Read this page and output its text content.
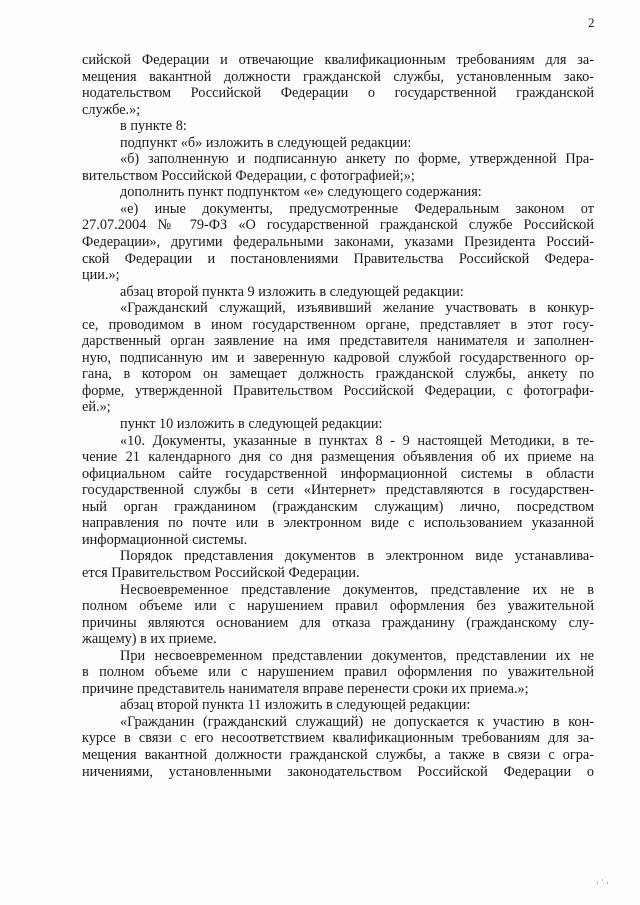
2
сийской Федерации и отвечающие квалификационным требованиям для за-
мещения вакантной должности гражданской службы, установленным зако-
нодательством Российской Федерации о государственной гражданской
службе.»;
в пункте 8:
подпункт «б» изложить в следующей редакции:
«б) заполненную и подписанную анкету по форме, утвержденной Пра-
вительством Российской Федерации, с фотографией;»;
дополнить пункт подпунктом «е» следующего содержания:
«е) иные документы, предусмотренные Федеральным законом от
27.07.2004 № 79-ФЗ «О государственной гражданской службе Российской
Федерации», другими федеральными законами, указами Президента Россий-
ской Федерации и постановлениями Правительства Российской Федера-
ции.»;
абзац второй пункта 9 изложить в следующей редакции:
«Гражданский служащий, изъявивший желание участвовать в конкур-
се, проводимом в ином государственном органе, представляет в этот госу-
дарственный орган заявление на имя представителя нанимателя и заполнен-
ную, подписанную им и заверенную кадровой службой государственного ор-
гана, в котором он замещает должность гражданской службы, анкету по
форме, утвержденной Правительством Российской Федерации, с фотографи-
ей.»;
пункт 10 изложить в следующей редакции:
«10. Документы, указанные в пунктах 8 - 9 настоящей Методики, в те-
чение 21 календарного дня со дня размещения объявления об их приеме на
официальном сайте государственной информационной системы в области
государственной службы в сети «Интернет» представляются в государствен-
ный орган гражданином (гражданским служащим) лично, посредством
направления по почте или в электронном виде с использованием указанной
информационной системы.
Порядок представления документов в электронном виде устанавлива-
ется Правительством Российской Федерации.
Несвоевременное представление документов, представление их не в
полном объеме или с нарушением правил оформления без уважительной
причины являются основанием для отказа гражданину (гражданскому слу-
жащему) в их приеме.
При несвоевременном представлении документов, представлении их не
в полном объеме или с нарушением правил оформления по уважительной
причине представитель нанимателя вправе перенести сроки их приема.»;
абзац второй пункта 11 изложить в следующей редакции:
«Гражданин (гражданский служащий) не допускается к участию в кон-
курсе в связи с его несоответствием квалификационным требованиям для за-
мещения вакантной должности гражданской службы, а также в связи с огра-
ничениями, установленными законодательством Российской Федерации о
·˙·
